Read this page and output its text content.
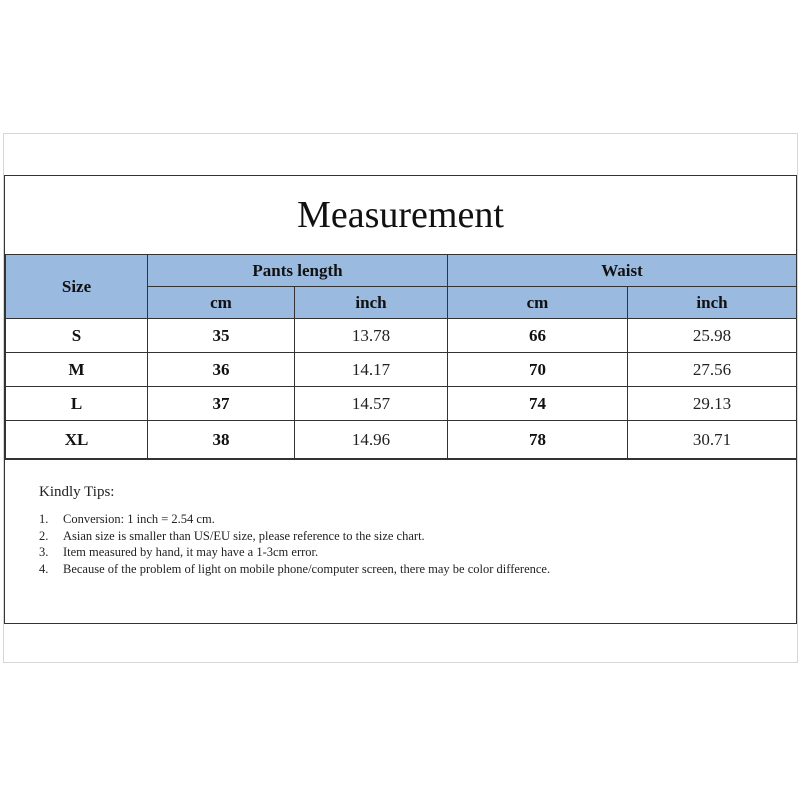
Measurement
Size	Pants length		Waist	
	cm	inch	cm	inch
S	35	13.78	66	25.98
M	36	14.17	70	27.56
L	37	14.57	74	29.13
XL	38	14.96	78	30.71
Kindly Tips:
1.	Conversion: 1 inch = 2.54 cm.
2.	Asian size is smaller than US/EU size, please reference to the size chart.
3.	Item measured by hand, it may have a 1-3cm error.
4.	Because of the problem of light on mobile phone/computer screen, there may be color difference.
